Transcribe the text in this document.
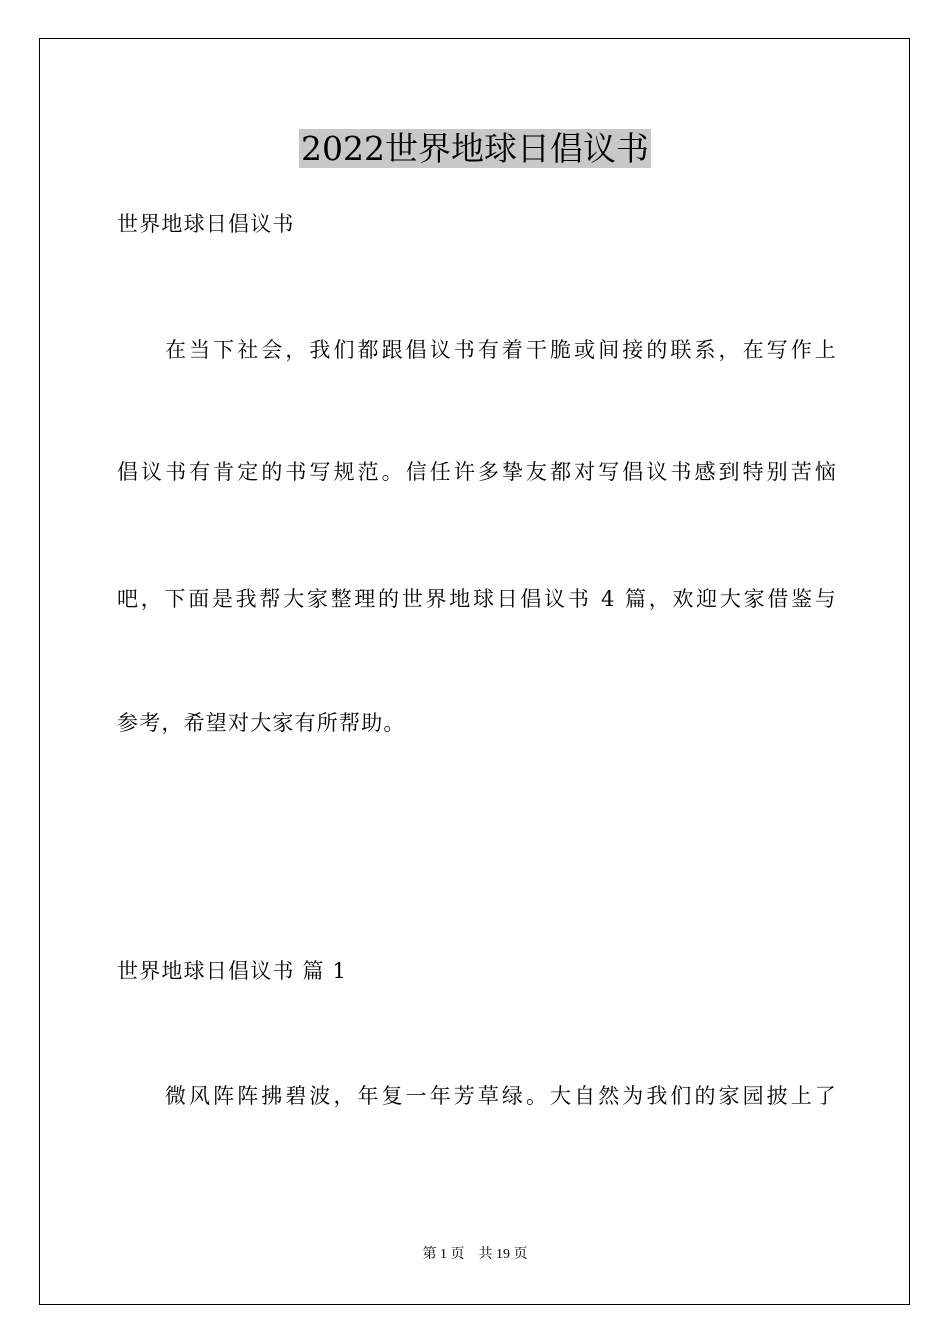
2022世界地球日倡议书
世界地球日倡议书
在当下社会，我们都跟倡议书有着干脆或间接的联系，在写作上
倡议书有肯定的书写规范。信任许多挚友都对写倡议书感到特别苦恼
吧，下面是我帮大家整理的世界地球日倡议书 4 篇，欢迎大家借鉴与
参考，希望对大家有所帮助。
世界地球日倡议书 篇 1
微风阵阵拂碧波，年复一年芳草绿。大自然为我们的家园披上了
第 1 页    共 19 页
